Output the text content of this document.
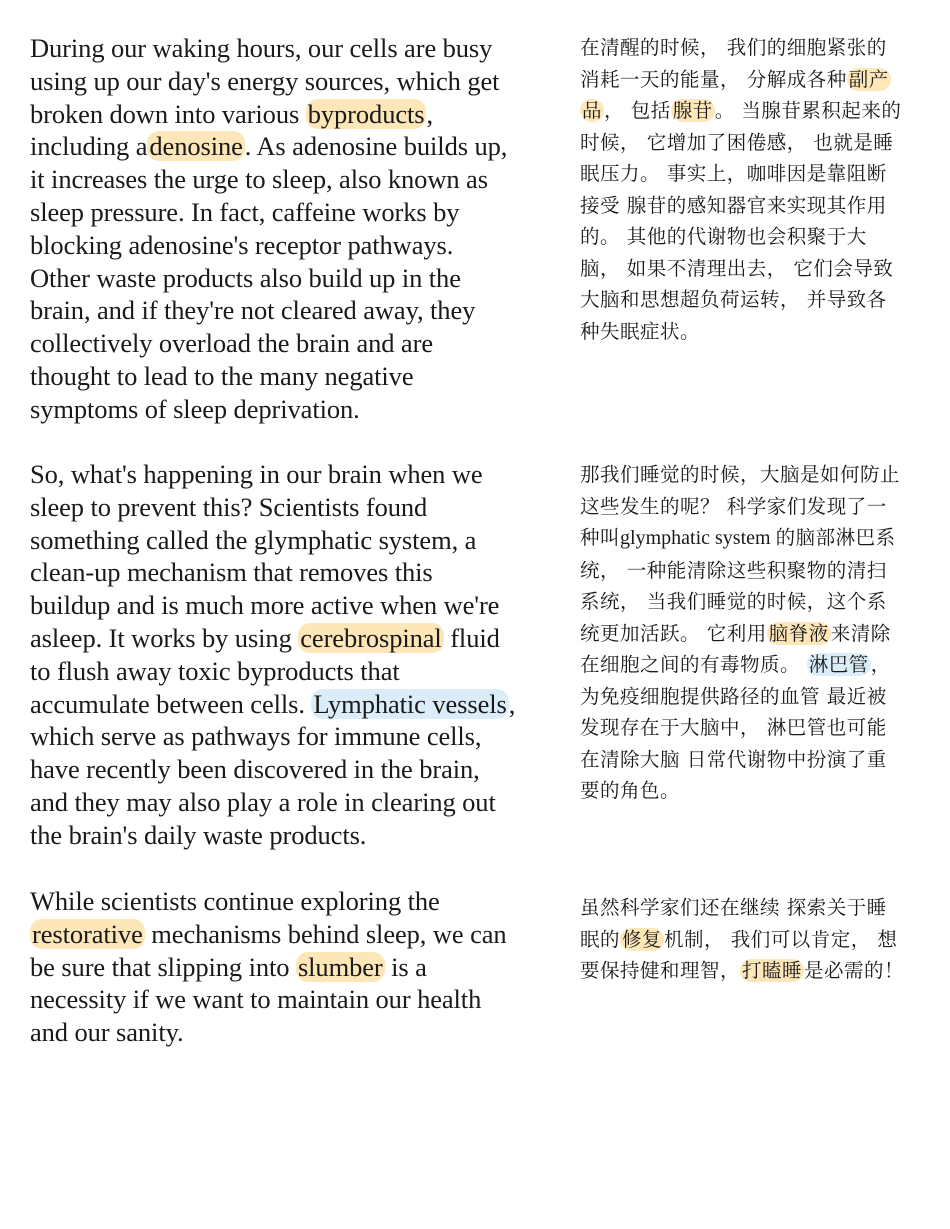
During our waking hours, our cells are busy
using up our day's energy sources, which get
broken down into various byproducts,
including adenosine. As adenosine builds up,
it increases the urge to sleep, also known as
sleep pressure. In fact, caffeine works by
blocking adenosine's receptor pathways.
Other waste products also build up in the
brain, and if they're not cleared away, they
collectively overload the brain and are
thought to lead to the many negative
symptoms of sleep deprivation.
So, what's happening in our brain when we
sleep to prevent this? Scientists found
something called the glymphatic system, a
clean-up mechanism that removes this
buildup and is much more active when we're
asleep. It works by using cerebrospinal fluid
to flush away toxic byproducts that
accumulate between cells. Lymphatic vessels,
which serve as pathways for immune cells,
have recently been discovered in the brain,
and they may also play a role in clearing out
the brain's daily waste products.
While scientists continue exploring the
restorative mechanisms behind sleep, we can
be sure that slipping into slumber is a
necessity if we want to maintain our health
and our sanity.
在清醒的时候， 我们的细胞紧张的
消耗一天的能量， 分解成各种 副产
品 ， 包括 腺苷 。 当腺苷累积起来的
时候， 它增加了困倦感， 也就是睡
眠压力。 事实上，咖啡因是靠阻断
接受 腺苷的感知器官来实现其作用
的。 其他的代谢物也会积聚于大
脑， 如果不清理出去， 它们会导致
大脑和思想超负荷运转， 并导致各
种失眠症状。
那我们睡觉的时候，大脑是如何防止
这些发生的呢？ 科学家们发现了一
种叫glymphatic system 的脑部淋巴系
统， 一种能清除这些积聚物的清扫
系统， 当我们睡觉的时候，这个系
统更加活跃。 它利用 脑脊液 来清除
在细胞之间的有毒物质。 淋巴管 ，
为免疫细胞提供路径的血管 最近被
发现存在于大脑中， 淋巴管也可能
在清除大脑 日常代谢物中扮演了重
要的角色。
虽然科学家们还在继续 探索关于睡
眠的 修复 机制， 我们可以肯定， 想
要保持健和理智， 打瞌睡 是必需的！
